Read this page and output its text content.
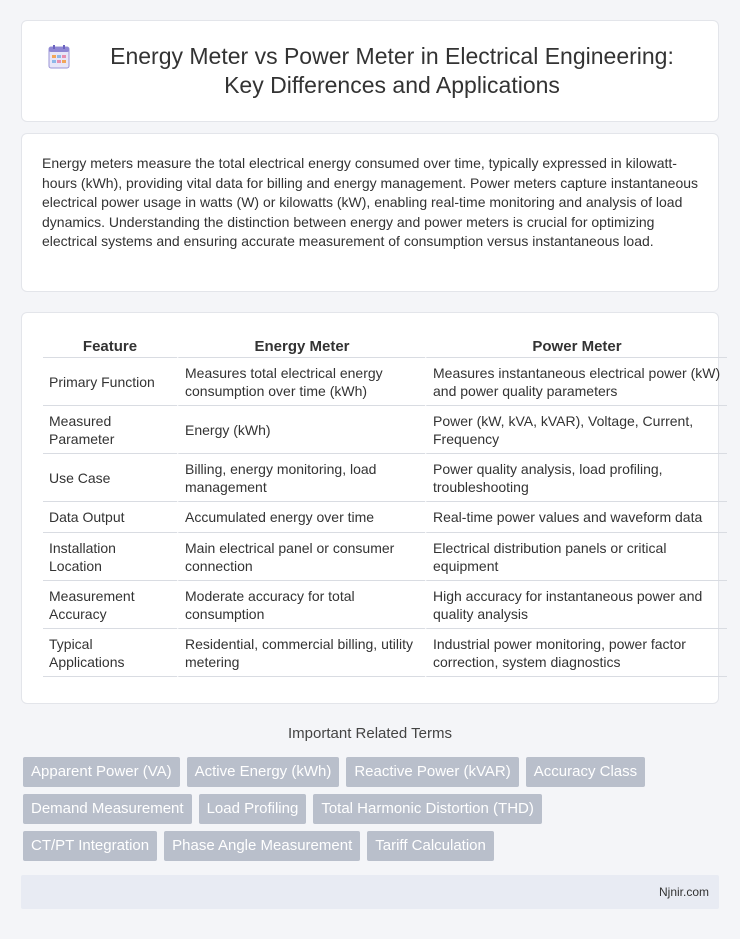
Energy Meter vs Power Meter in Electrical Engineering: Key Differences and Applications

Energy meters measure the total electrical energy consumed over time, typically expressed in kilowatt-hours (kWh), providing vital data for billing and energy management. Power meters capture instantaneous electrical power usage in watts (W) or kilowatts (kW), enabling real-time monitoring and analysis of load dynamics. Understanding the distinction between energy and power meters is crucial for optimizing electrical systems and ensuring accurate measurement of consumption versus instantaneous load.

Feature	Energy Meter	Power Meter
Primary Function	Measures total electrical energy consumption over time (kWh)	Measures instantaneous electrical power (kW) and power quality parameters
Measured Parameter	Energy (kWh)	Power (kW, kVA, kVAR), Voltage, Current, Frequency
Use Case	Billing, energy monitoring, load management	Power quality analysis, load profiling, troubleshooting
Data Output	Accumulated energy over time	Real-time power values and waveform data
Installation Location	Main electrical panel or consumer connection	Electrical distribution panels or critical equipment
Measurement Accuracy	Moderate accuracy for total consumption	High accuracy for instantaneous power and quality analysis
Typical Applications	Residential, commercial billing, utility metering	Industrial power monitoring, power factor correction, system diagnostics
Important Related Terms
Apparent Power (VA)	Active Energy (kWh)	Reactive Power (kVAR)	Accuracy Class
Demand Measurement	Load Profiling	Total Harmonic Distortion (THD)
CT/PT Integration	Phase Angle Measurement	Tariff Calculation
Njnir.com
